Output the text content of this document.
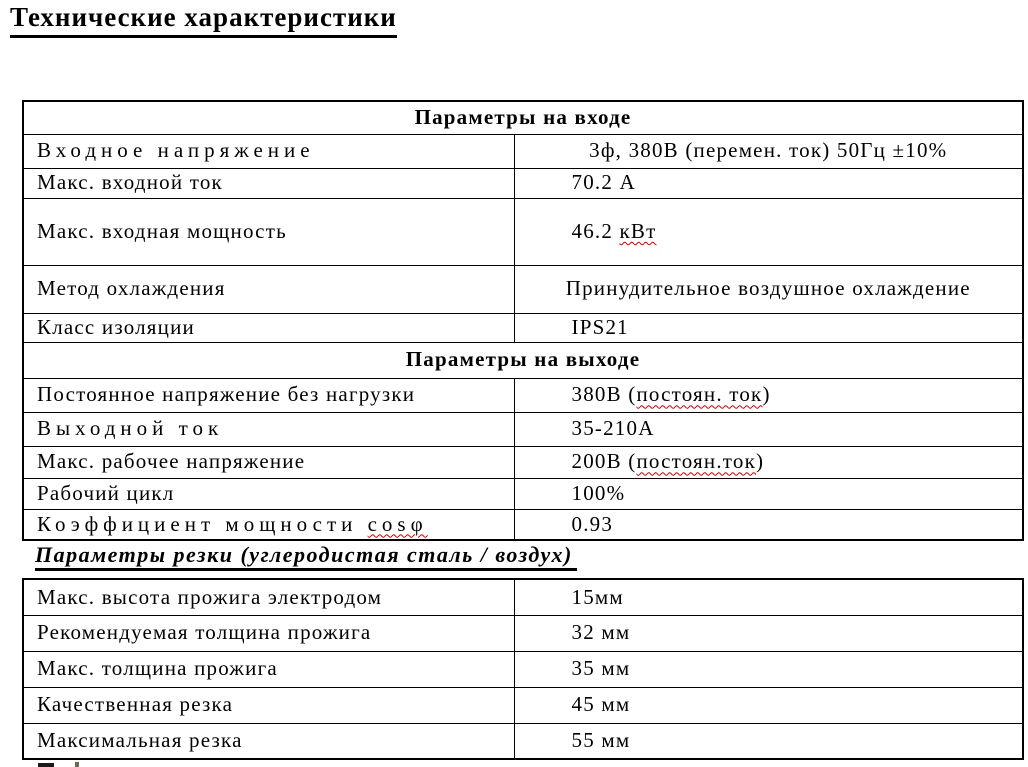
Технические характеристики
Параметры на входе	
Входное напряжение	3ф, 380В (перемен. ток) 50Гц ±10%
Макс. входной ток	70.2 А
Макс. входная мощность	46.2 кВт
Метод охлаждения	Принудительное воздушное охлаждение
Класс изоляции	IPS21
Параметры на выходе	
Постоянное напряжение без нагрузки	380В (постоян. ток)
Выходной ток	35-210А
Макс. рабочее напряжение	200В (постоян.ток)
Рабочий цикл	100%
Коэффициент мощности cosφ	0.93
Параметры резки (углеродистая сталь / воздух)
Макс. высота прожига электродом	15мм
Рекомендуемая толщина прожига	32 мм
Макс. толщина прожига	35 мм
Качественная резка	45 мм
Максимальная резка	55 мм
